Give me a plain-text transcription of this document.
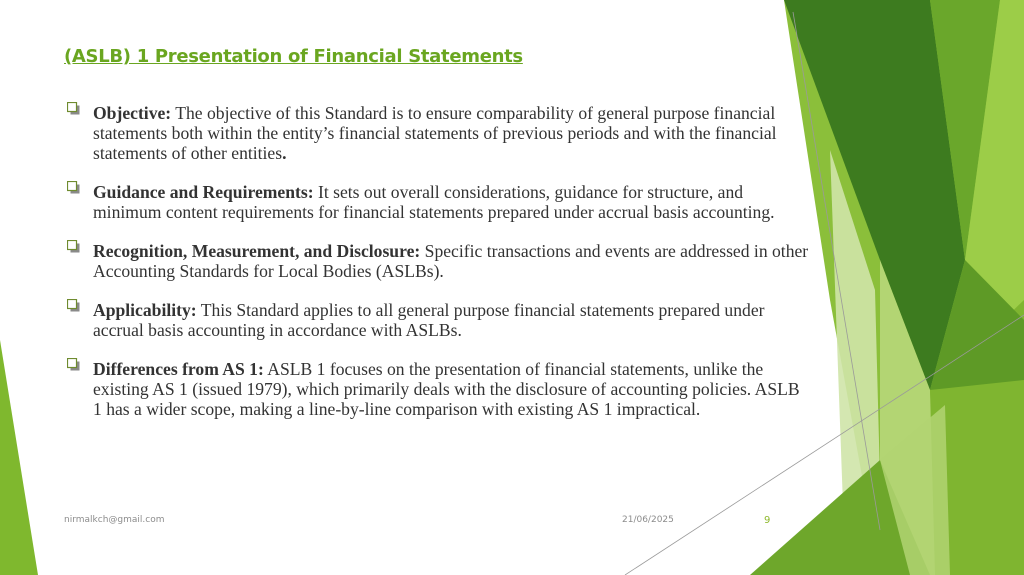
(ASLB) 1 Presentation of Financial Statements
Objective: The objective of this Standard is to ensure comparability of general purpose financial statements both within the entity’s financial statements of previous periods and with the financial statements of other entities.
Guidance and Requirements: It sets out overall considerations, guidance for structure, and minimum content requirements for financial statements prepared under accrual basis accounting.
Recognition, Measurement, and Disclosure: Specific transactions and events are addressed in other Accounting Standards for Local Bodies (ASLBs).
Applicability: This Standard applies to all general purpose financial statements prepared under accrual basis accounting in accordance with ASLBs.
Differences from AS 1: ASLB 1 focuses on the presentation of financial statements, unlike the existing AS 1 (issued 1979), which primarily deals with the disclosure of accounting policies. ASLB 1 has a wider scope, making a line-by-line comparison with existing AS 1 impractical.
nirmalkch@gmail.com	21/06/2025	9
